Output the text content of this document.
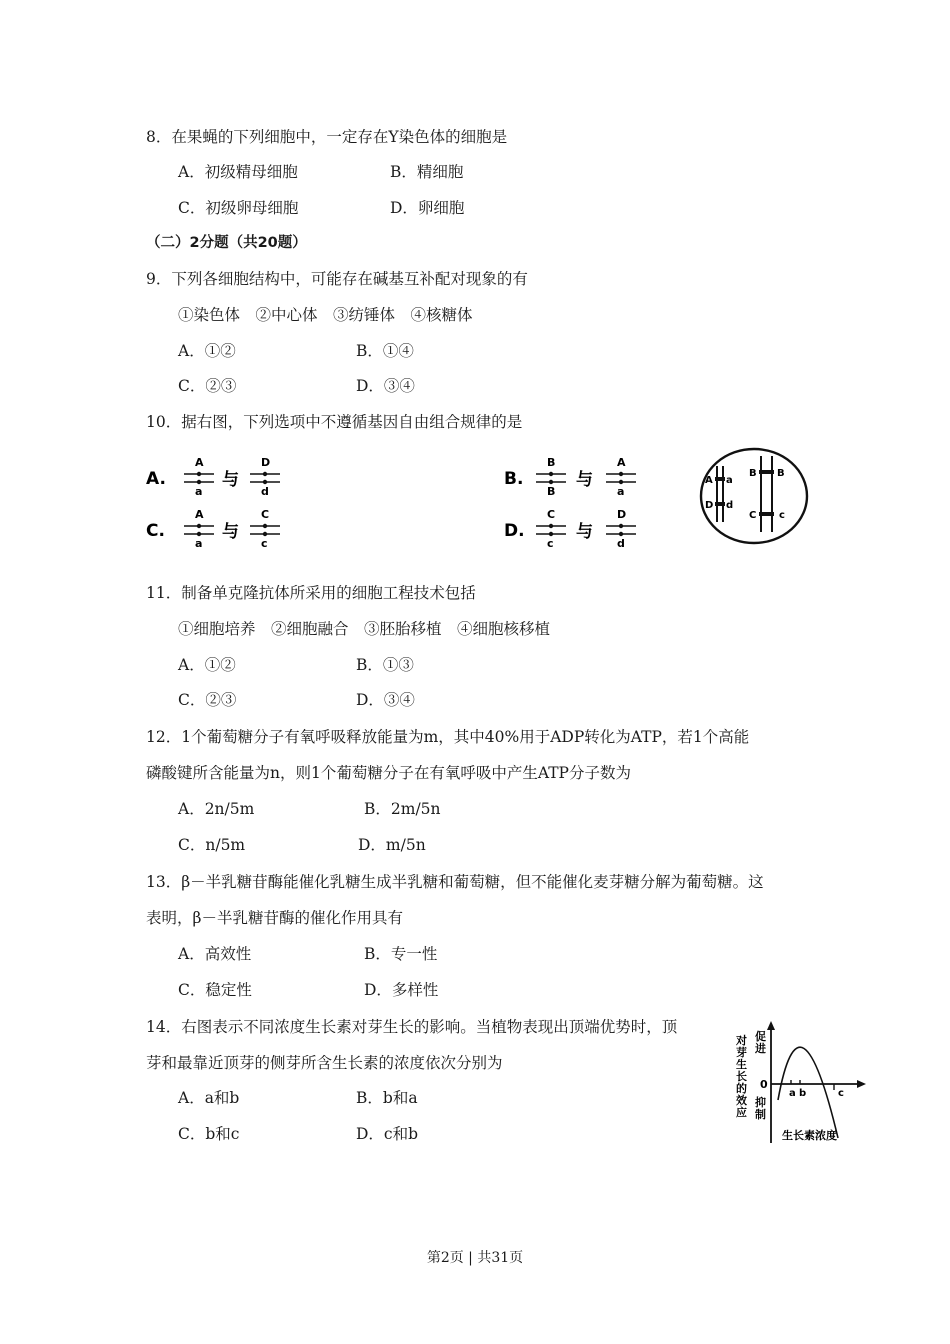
8．在果蝇的下列细胞中，一定存在Y染色体的细胞是
A．初级精母细胞	B．精细胞
C．初级卵母细胞	D．卵细胞
（二）2分题（共20题）
9．下列各细胞结构中，可能存在碱基互补配对现象的有
①染色体　②中心体　③纺锤体　④核糖体
A．①②	B．①④
C．②③	D．③④
10．据右图，下列选项中不遵循基因自由组合规律的是
A.
A
a
与
D
d
B.
B
B
与
A
a
C.
A
a
与
C
c
D.
C
c
与
D
d
A a
D d
B B
C c
11．制备单克隆抗体所采用的细胞工程技术包括
①细胞培养　②细胞融合　③胚胎移植　④细胞核移植
A．①②	B．①③
C．②③	D．③④
12．1个葡萄糖分子有氧呼吸释放能量为m，其中40%用于ADP转化为ATP，若1个高能
磷酸键所含能量为n，则1个葡萄糖分子在有氧呼吸中产生ATP分子数为
A．2n/5m	B．2m/5n
C．n/5m	D．m/5n
13．β－半乳糖苷酶能催化乳糖生成半乳糖和葡萄糖，但不能催化麦芽糖分解为葡萄糖。这
表明，β－半乳糖苷酶的催化作用具有
A．高效性	B．专一性
C．稳定性	D．多样性
14．右图表示不同浓度生长素对芽生长的影响。当植物表现出顶端优势时，顶
芽和最靠近顶芽的侧芽所含生长素的浓度依次分别为
A．a和b	B．b和a
C．b和c	D．c和b
a b	c
0
生长素浓度
促进
抑制
对芽生长的效应
第2页 | 共31页
